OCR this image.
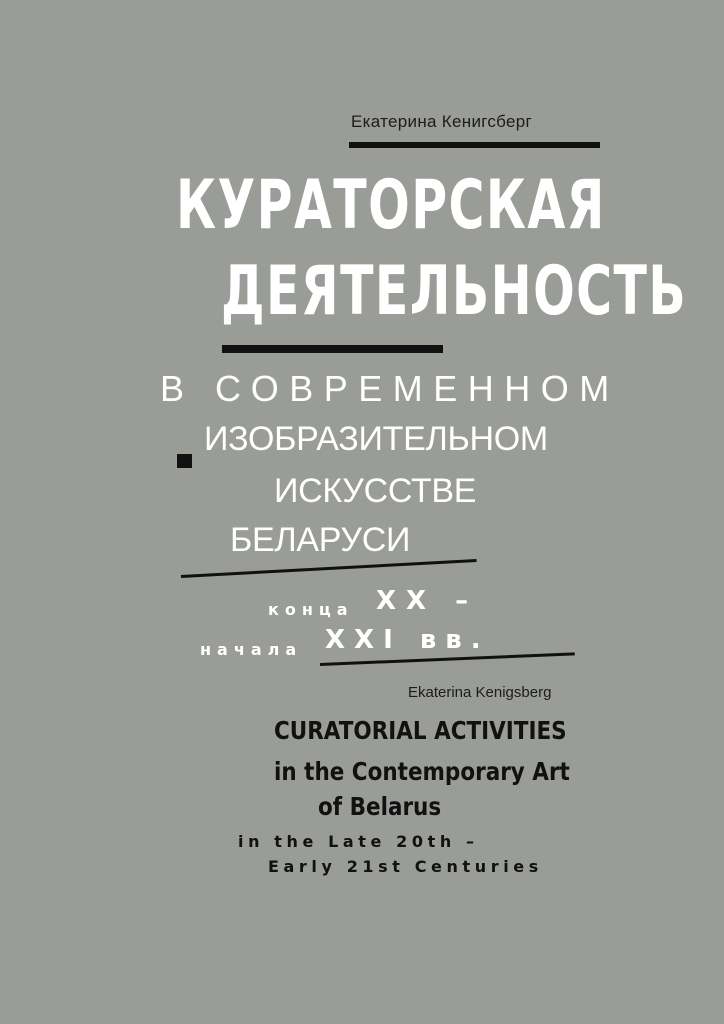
Екатерина Кенигсберг
КУРАТОРСКАЯ
ДЕЯТЕЛЬНОСТЬ
В СОВРЕМЕННОМ
ИЗОБРАЗИТЕЛЬНОМ
ИСКУССТВЕ
БЕЛАРУСИ
конца XX –
начала XXI вв.
Ekaterina Kenigsberg
CURATORIAL ACTIVITIES
in the Contemporary Art
of Belarus
in the Late 20th –
Early 21st Centuries
